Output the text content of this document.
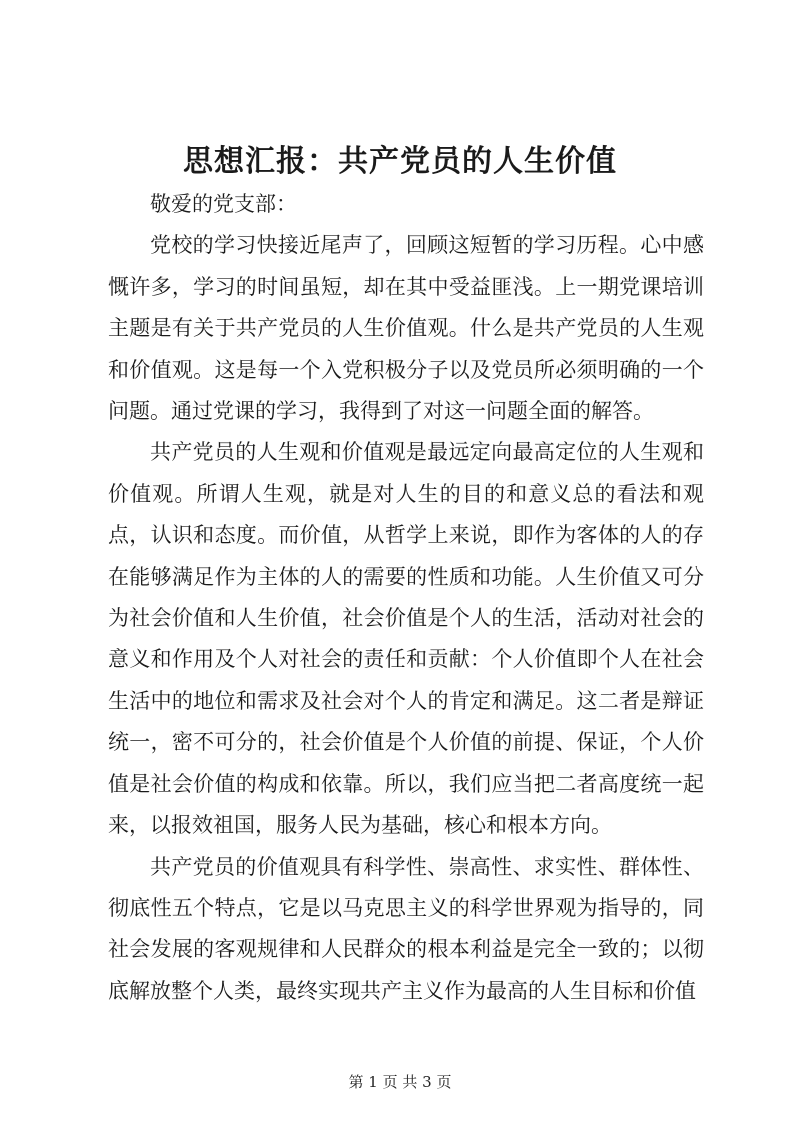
思想汇报：共产党员的人生价值

敬爱的党支部：

党校的学习快接近尾声了，回顾这短暂的学习历程。心中感慨许多，学习的时间虽短，却在其中受益匪浅。上一期党课培训主题是有关于共产党员的人生价值观。什么是共产党员的人生观和价值观。这是每一个入党积极分子以及党员所必须明确的一个问题。通过党课的学习，我得到了对这一问题全面的解答。

共产党员的人生观和价值观是最远定向最高定位的人生观和价值观。所谓人生观，就是对人生的目的和意义总的看法和观点，认识和态度。而价值，从哲学上来说，即作为客体的人的存在能够满足作为主体的人的需要的性质和功能。人生价值又可分为社会价值和人生价值，社会价值是个人的生活，活动对社会的意义和作用及个人对社会的责任和贡献：个人价值即个人在社会生活中的地位和需求及社会对个人的肯定和满足。这二者是辩证统一，密不可分的，社会价值是个人价值的前提、保证，个人价值是社会价值的构成和依靠。所以，我们应当把二者高度统一起来，以报效祖国，服务人民为基础，核心和根本方向。

共产党员的价值观具有科学性、崇高性、求实性、群体性、彻底性五个特点，它是以马克思主义的科学世界观为指导的，同社会发展的客观规律和人民群众的根本利益是完全一致的；以彻底解放整个人类，最终实现共产主义作为最高的人生目标和价值

第 1 页 共 3 页
